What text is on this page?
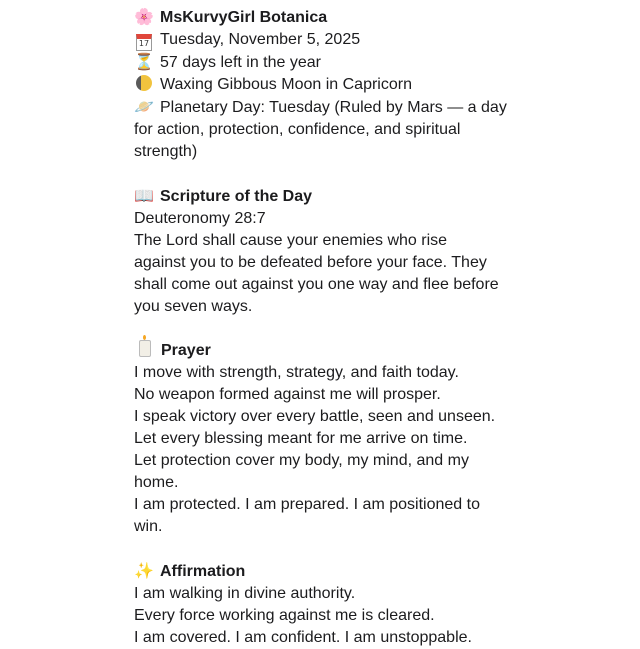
🌸 MsKurvyGirl Botanica
17 Tuesday, November 5, 2025
⏳ 57 days left in the year
Waxing Gibbous Moon in Capricorn
🪐 Planetary Day: Tuesday (Ruled by Mars — a day
for action, protection, confidence, and spiritual
strength)
📖 Scripture of the Day
Deuteronomy 28:7
The Lord shall cause your enemies who rise
against you to be defeated before your face. They
shall come out against you one way and flee before
you seven ways.
Prayer
I move with strength, strategy, and faith today.
No weapon formed against me will prosper.
I speak victory over every battle, seen and unseen.
Let every blessing meant for me arrive on time.
Let protection cover my body, my mind, and my
home.
I am protected. I am prepared. I am positioned to
win.
✨ Affirmation
I am walking in divine authority.
Every force working against me is cleared.
I am covered. I am confident. I am unstoppable.
